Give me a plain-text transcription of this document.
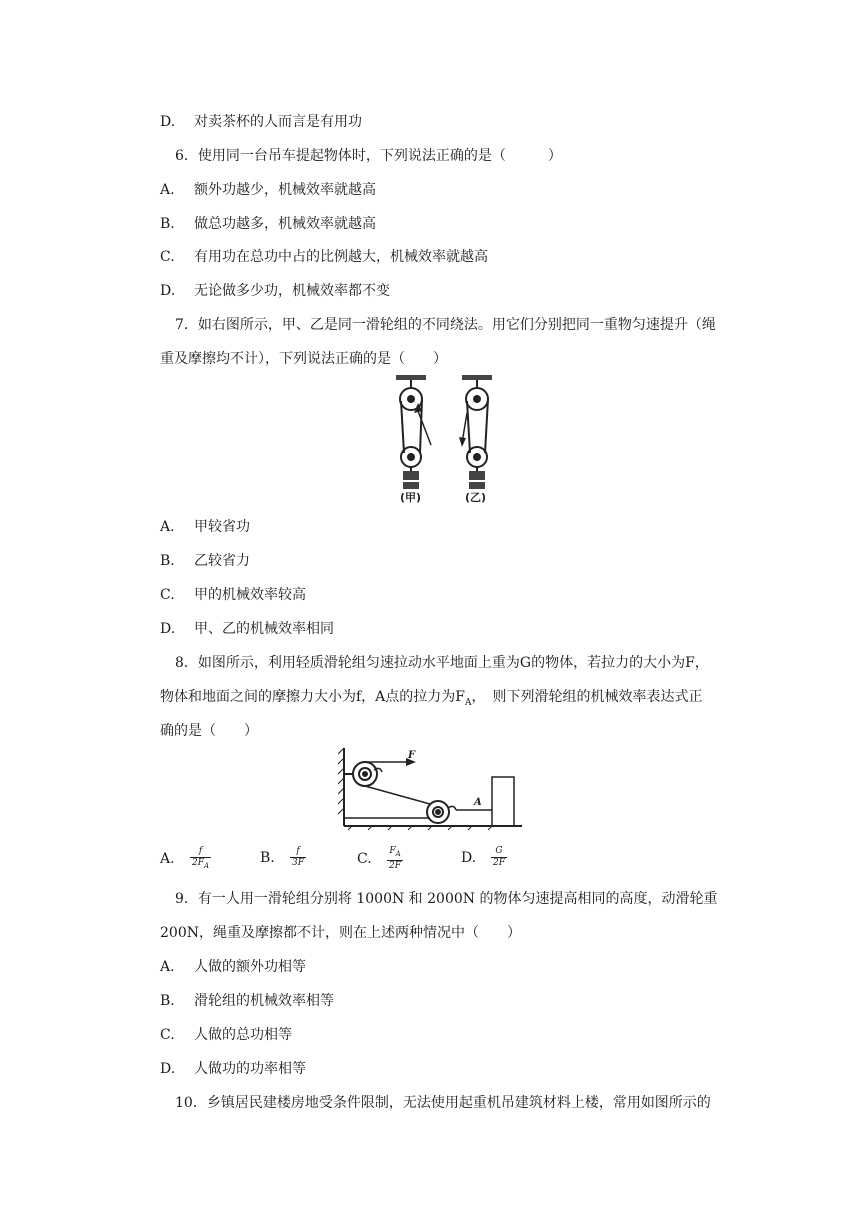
D. 对卖茶杯的人而言是有用功
6．使用同一台吊车提起物体时，下列说法正确的是（　　　）
A. 额外功越少，机械效率就越高
B. 做总功越多，机械效率就越高
C. 有用功在总功中占的比例越大，机械效率就越高
D. 无论做多少功，机械效率都不变
7．如右图所示，甲、乙是同一滑轮组的不同绕法。用它们分别把同一重物匀速提升（绳
重及摩擦均不计），下列说法正确的是（　　）
(甲)	(乙)
A. 甲较省功
B. 乙较省力
C. 甲的机械效率较高
D. 甲、乙的机械效率相同
8．如图所示，利用轻质滑轮组匀速拉动水平地面上重为G的物体，若拉力的大小为F，
物体和地面之间的摩擦力大小为f，A点的拉力为$F_A$，　则下列滑轮组的机械效率表达式正
确的是（　　）
F
A
A. $\frac{f}{2F_A}$	B. $\frac{f}{3F}$	C. $\frac{F_A}{2F}$	D. $\frac{G}{2F}$
9．有一人用一滑轮组分别将 1000N 和 2000N 的物体匀速提高相同的高度，动滑轮重
200N，绳重及摩擦都不计，则在上述两种情况中（　　）
A. 人做的额外功相等
B. 滑轮组的机械效率相等
C. 人做的总功相等
D. 人做功的功率相等
10．乡镇居民建楼房地受条件限制，无法使用起重机吊建筑材料上楼，常用如图所示的
